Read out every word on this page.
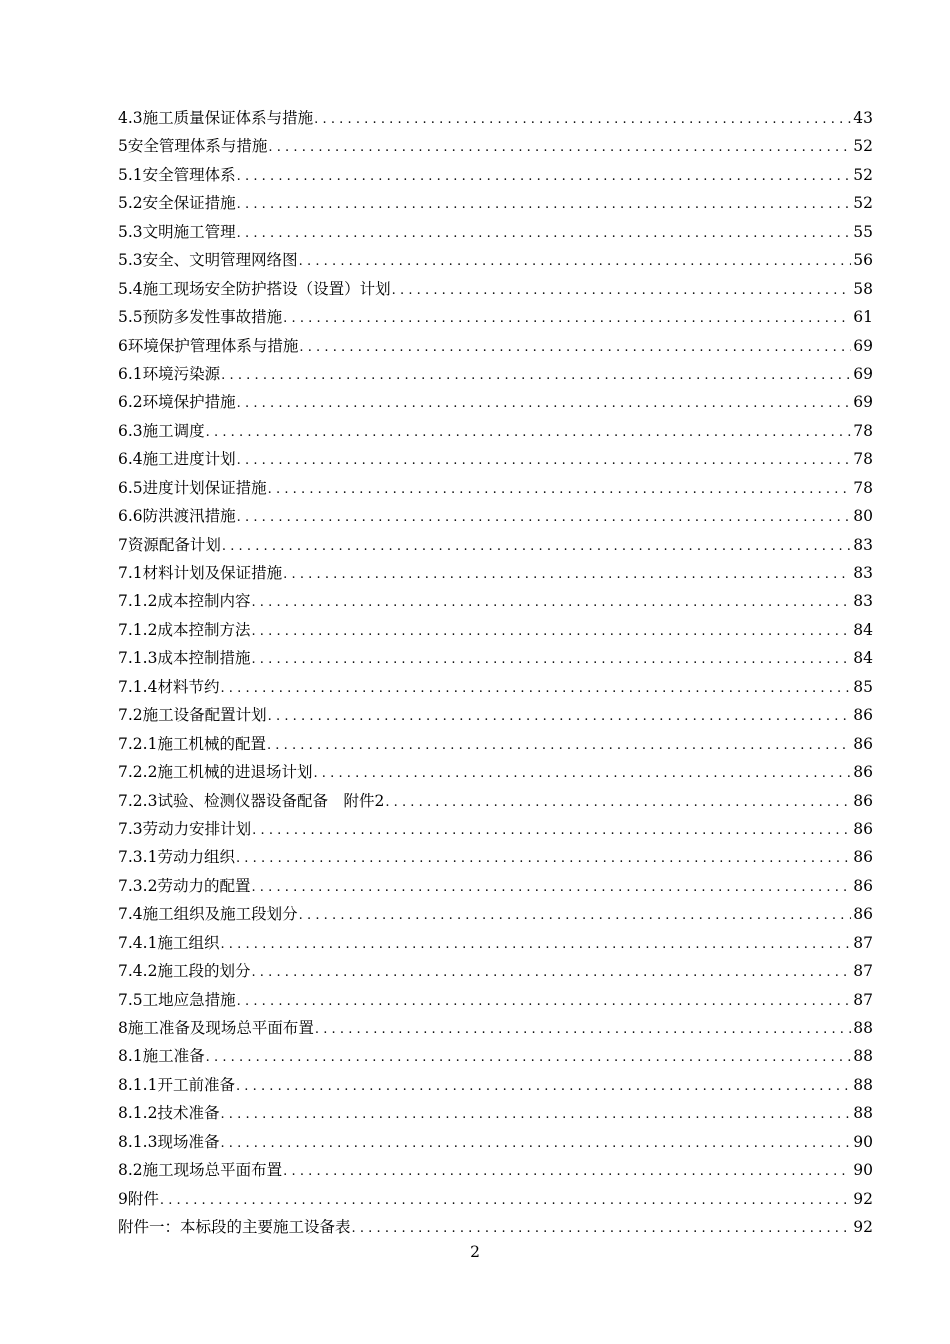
4.3施工质量保证体系与措施 .....	43
5安全管理体系与措施 .....	52
5.1安全管理体系 .....	52
5.2安全保证措施 .....	52
5.3文明施工管理 .....	55
5.3安全、文明管理网络图 .....	56
5.4施工现场安全防护搭设（设置）计划 .....	58
5.5预防多发性事故措施 .....	61
6环境保护管理体系与措施 .....	69
6.1环境污染源 .....	69
6.2环境保护措施 .....	69
6.3施工调度 .....	78
6.4施工进度计划 .....	78
6.5进度计划保证措施 .....	78
6.6防洪渡汛措施 .....	80
7资源配备计划 .....	83
7.1材料计划及保证措施 .....	83
7.1.2成本控制内容 .....	83
7.1.2成本控制方法 .....	84
7.1.3成本控制措施 .....	84
7.1.4材料节约 .....	85
7.2施工设备配置计划 .....	86
7.2.1施工机械的配置 .....	86
7.2.2施工机械的进退场计划 .....	86
7.2.3试验、检测仪器设备配备　附件2 .....	86
7.3劳动力安排计划 .....	86
7.3.1劳动力组织 .....	86
7.3.2劳动力的配置 .....	86
7.4施工组织及施工段划分 .....	86
7.4.1施工组织 .....	87
7.4.2施工段的划分 .....	87
7.5工地应急措施 .....	87
8施工准备及现场总平面布置 .....	88
8.1施工准备 .....	88
8.1.1开工前准备 .....	88
8.1.2技术准备 .....	88
8.1.3现场准备 .....	90
8.2施工现场总平面布置 .....	90
9附件 .....	92
附件一：本标段的主要施工设备表 .....	92
2
